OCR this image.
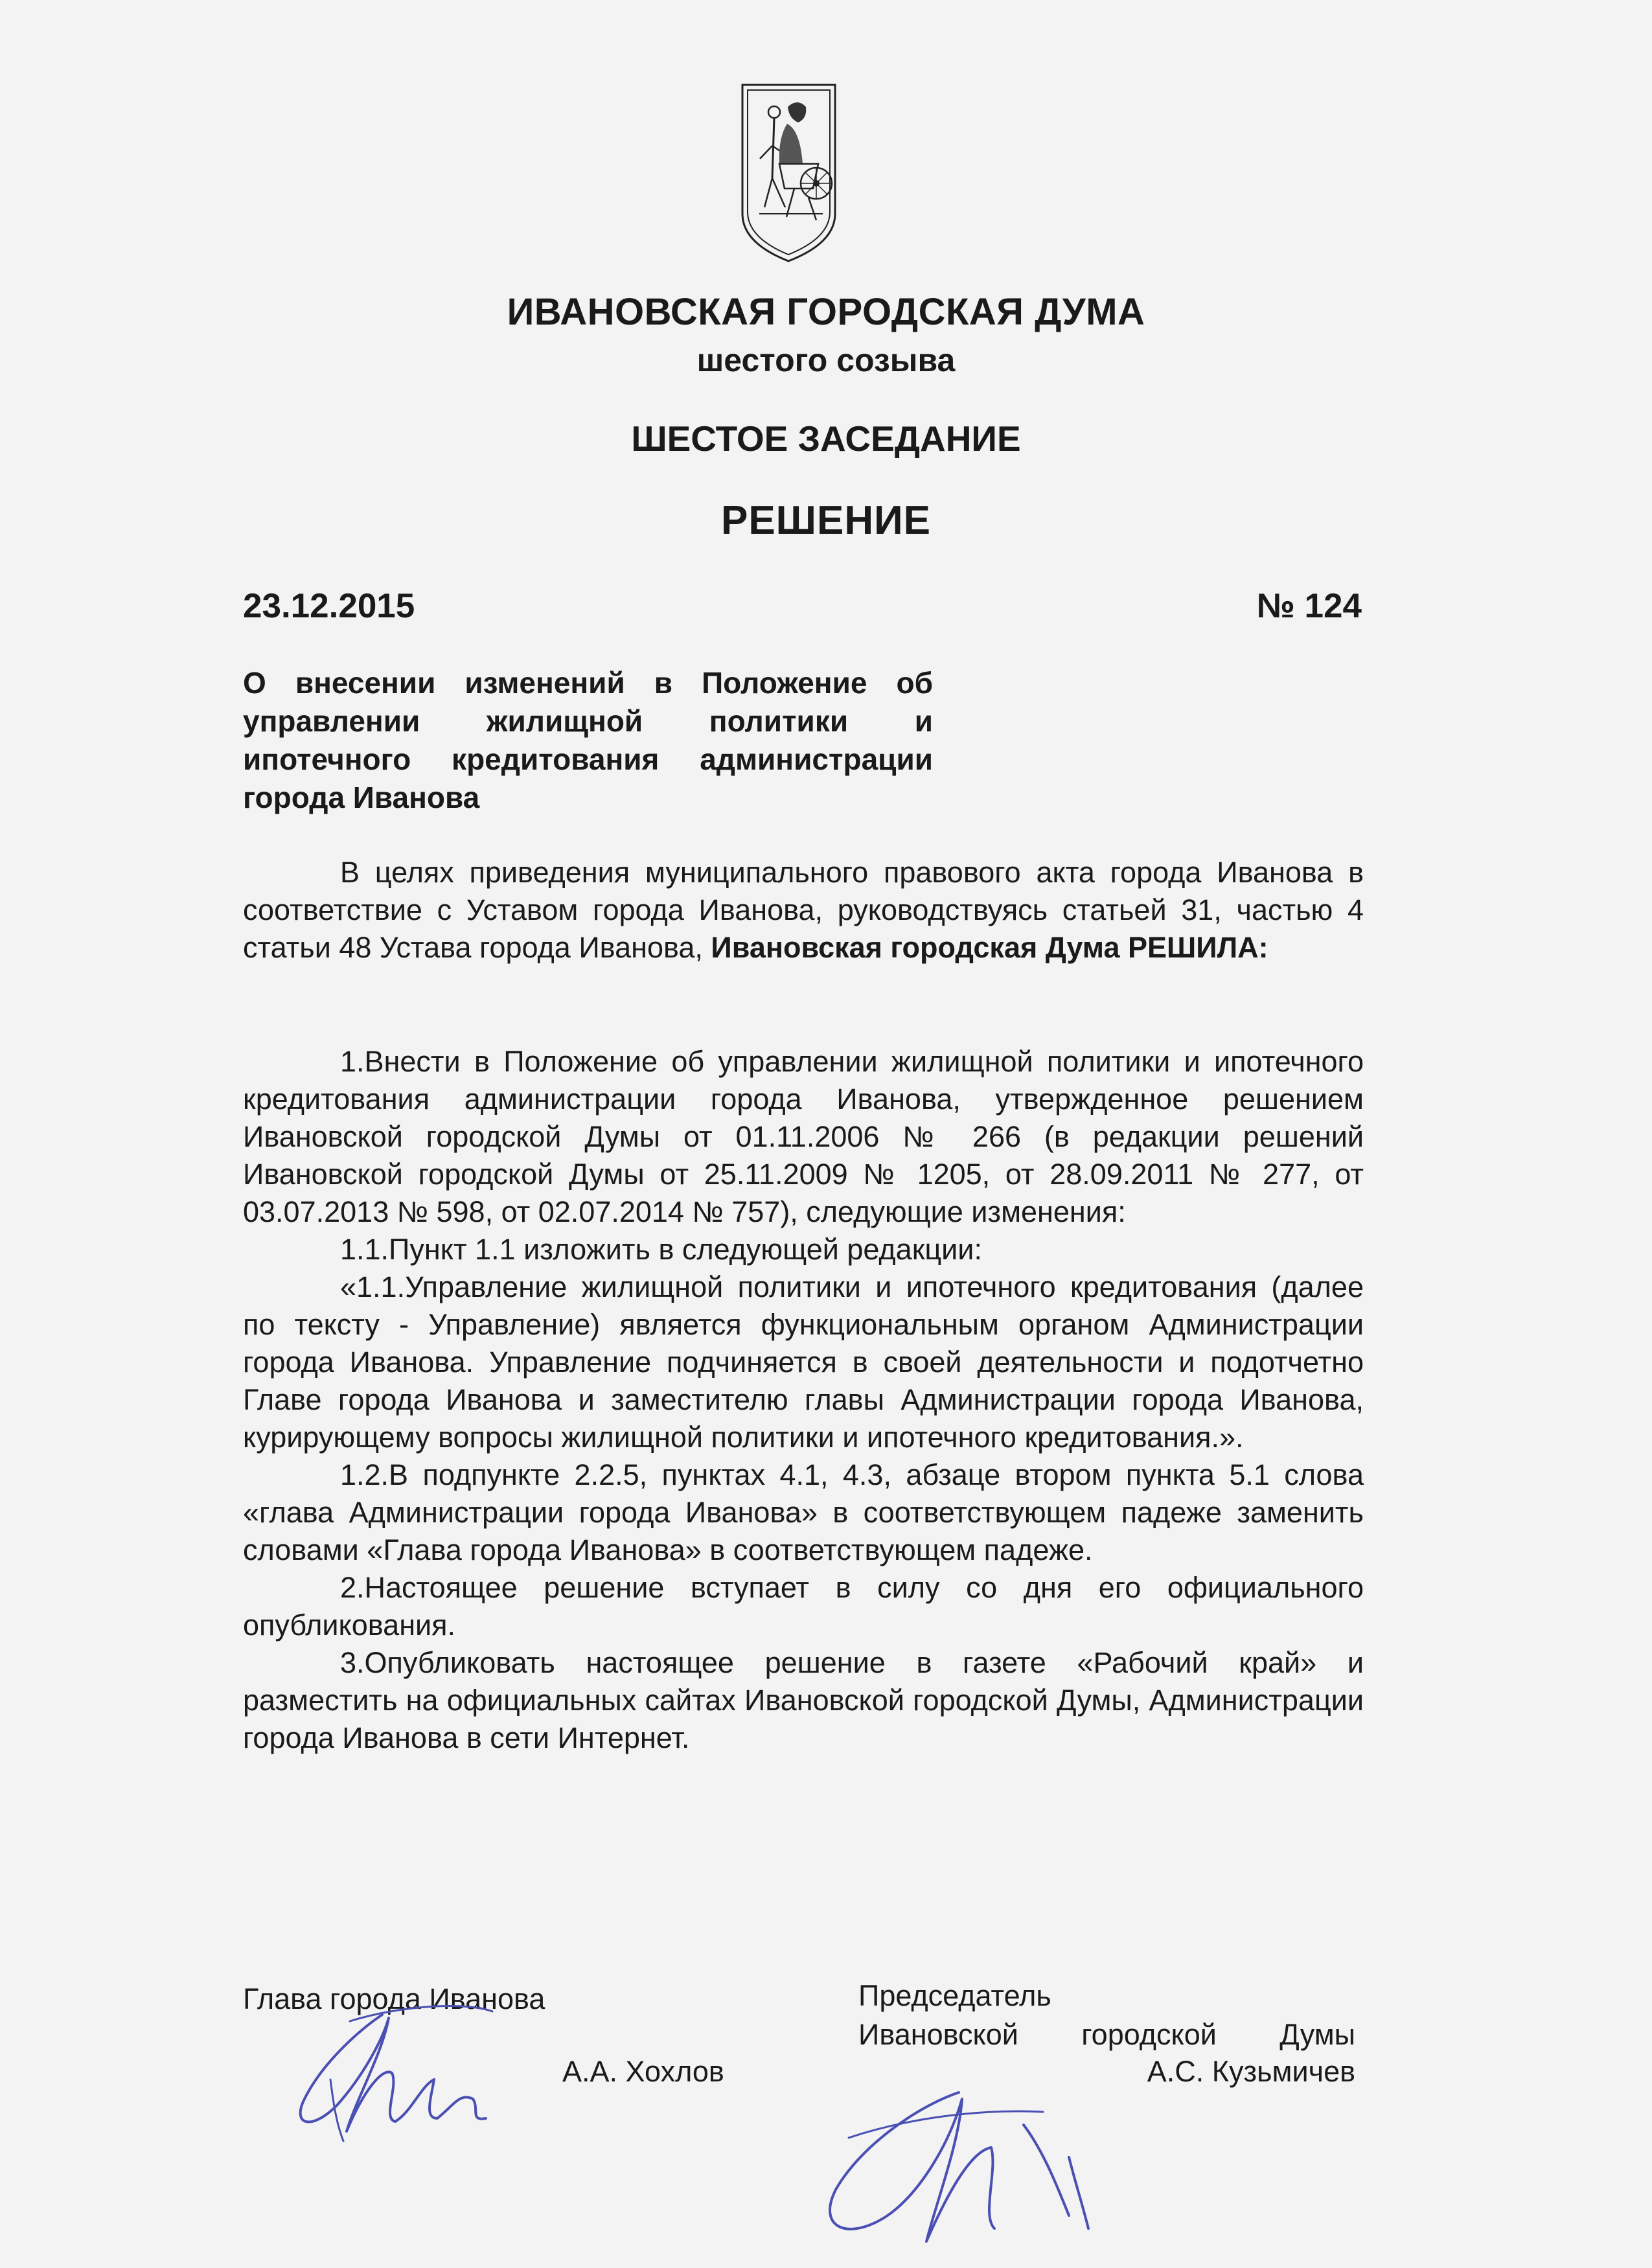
ИВАНОВСКАЯ ГОРОДСКАЯ ДУМА
шестого созыва
ШЕСТОЕ ЗАСЕДАНИЕ
РЕШЕНИЕ
23.12.2015	№ 124
О внесении изменений в Положение об управлении жилищной политики и ипотечного кредитования администрации города Иванова

В целях приведения муниципального правового акта города Иванова в соответствие с Уставом города Иванова, руководствуясь статьей 31, частью 4 статьи 48 Устава города Иванова, Ивановская городская Дума РЕШИЛА:

1.Внести в Положение об управлении жилищной политики и ипотечного кредитования администрации города Иванова, утвержденное решением Ивановской городской Думы от 01.11.2006 № 266 (в редакции решений Ивановской городской Думы от 25.11.2009 № 1205, от 28.09.2011 № 277, от 03.07.2013 № 598, от 02.07.2014 № 757), следующие изменения:

1.1.Пункт 1.1 изложить в следующей редакции:

«1.1.Управление жилищной политики и ипотечного кредитования (далее по тексту - Управление) является функциональным органом Администрации города Иванова. Управление подчиняется в своей деятельности и подотчетно Главе города Иванова и заместителю главы Администрации города Иванова, курирующему вопросы жилищной политики и ипотечного кредитования.».

1.2.В подпункте 2.2.5, пунктах 4.1, 4.3, абзаце втором пункта 5.1 слова «глава Администрации города Иванова» в соответствующем падеже заменить словами «Глава города Иванова» в соответствующем падеже.

2.Настоящее решение вступает в силу со дня его официального опубликования.

3.Опубликовать настоящее решение в газете «Рабочий край» и разместить на официальных сайтах Ивановской городской Думы, Администрации города Иванова в сети Интернет.

Глава города Иванова
А.А. Хохлов
Председатель
Ивановской городской Думы
А.С. Кузьмичев
